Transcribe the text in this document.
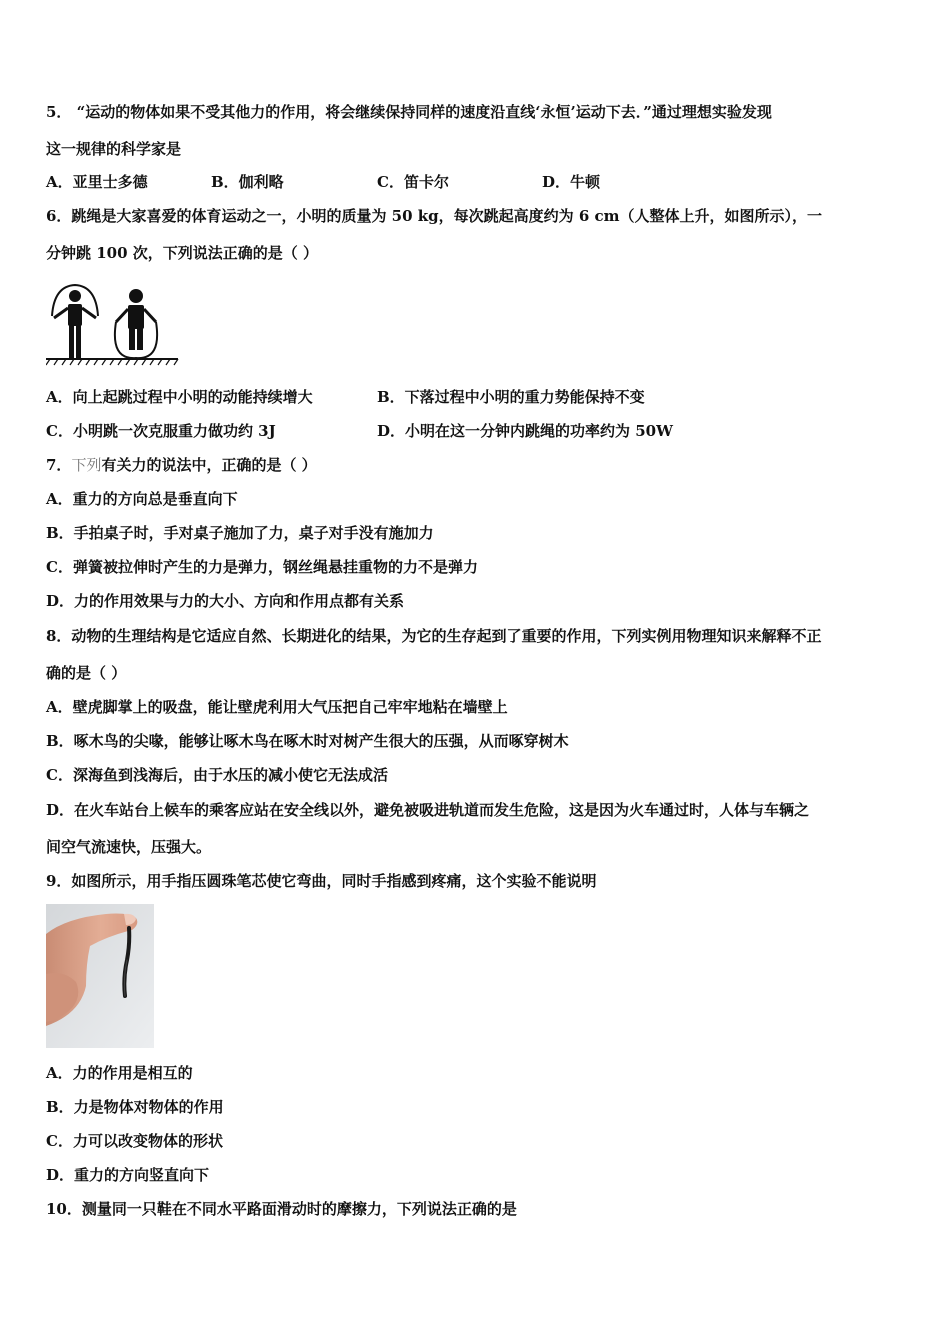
5． “运动的物体如果不受其他力的作用，将会继续保持同样的速度沿直线‘永恒’运动下去．”通过理想实验发现
这一规律的科学家是
A．亚里士多德	B．伽利略	C．笛卡尔	D．牛顿
6．跳绳是大家喜爱的体育运动之一，小明的质量为 50 kg，每次跳起高度约为 6 cm（人整体上升，如图所示），一
分钟跳 100 次，下列说法正确的是（ ）
A．向上起跳过程中小明的动能持续增大	B．下落过程中小明的重力势能保持不变
C．小明跳一次克服重力做功约 3J	D．小明在这一分钟内跳绳的功率约为 50W
7．下列有关力的说法中，正确的是（ ）
A．重力的方向总是垂直向下
B．手拍桌子时，手对桌子施加了力，桌子对手没有施加力
C．弹簧被拉伸时产生的力是弹力，钢丝绳悬挂重物的力不是弹力
D．力的作用效果与力的大小、方向和作用点都有关系
8．动物的生理结构是它适应自然、长期进化的结果，为它的生存起到了重要的作用，下列实例用物理知识来解释不正
确的是（ ）
A．壁虎脚掌上的吸盘，能让壁虎利用大气压把自己牢牢地粘在墙壁上
B．啄木鸟的尖喙，能够让啄木鸟在啄木时对树产生很大的压强，从而啄穿树木
C．深海鱼到浅海后，由于水压的减小使它无法成活
D．在火车站台上候车的乘客应站在安全线以外，避免被吸进轨道而发生危险，这是因为火车通过时，人体与车辆之
间空气流速快，压强大。
9．如图所示，用手指压圆珠笔芯使它弯曲，同时手指感到疼痛，这个实验不能说明
A．力的作用是相互的
B．力是物体对物体的作用
C．力可以改变物体的形状
D．重力的方向竖直向下
10．测量同一只鞋在不同水平路面滑动时的摩擦力，下列说法正确的是
